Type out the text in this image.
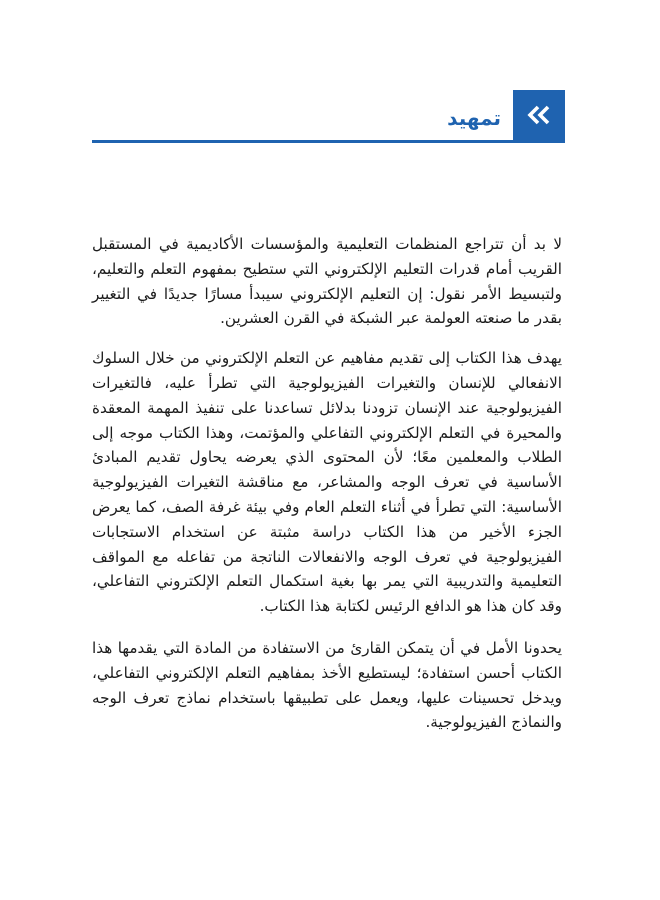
تمهيد

لا بد أن تتراجع المنظمات التعليمية والمؤسسات الأكاديمية في المستقبل القريب أمام قدرات التعليم الإلكتروني التي ستطيح بمفهوم التعلم والتعليم، ولتبسيط الأمر نقول: إن التعليم الإلكتروني سيبدأ مسارًا جديدًا في التغيير بقدر ما صنعته العولمة عبر الشبكة في القرن العشرين.

يهدف هذا الكتاب إلى تقديم مفاهيم عن التعلم الإلكتروني من خلال السلوك الانفعالي للإنسان والتغيرات الفيزيولوجية التي تطرأ عليه، فالتغيرات الفيزيولوجية عند الإنسان تزودنا بدلائل تساعدنا على تنفيذ المهمة المعقدة والمحيرة في التعلم الإلكتروني التفاعلي والمؤتمت، وهذا الكتاب موجه إلى الطلاب والمعلمين معًا؛ لأن المحتوى الذي يعرضه يحاول تقديم المبادئ الأساسية في تعرف الوجه والمشاعر، مع مناقشة التغيرات الفيزيولوجية الأساسية: التي تطرأ في أثناء التعلم العام وفي بيئة غرفة الصف، كما يعرض الجزء الأخير من هذا الكتاب دراسة مثبتة عن استخدام الاستجابات الفيزيولوجية في تعرف الوجه والانفعالات الناتجة من تفاعله مع المواقف التعليمية والتدريبية التي يمر بها بغية استكمال التعلم الإلكتروني التفاعلي، وقد كان هذا هو الدافع الرئيس لكتابة هذا الكتاب.

يحدونا الأمل في أن يتمكن القارئ من الاستفادة من المادة التي يقدمها هذا الكتاب أحسن استفادة؛ ليستطيع الأخذ بمفاهيم التعلم الإلكتروني التفاعلي، ويدخل تحسينات عليها، ويعمل على تطبيقها باستخدام نماذج تعرف الوجه والنماذج الفيزيولوجية.
